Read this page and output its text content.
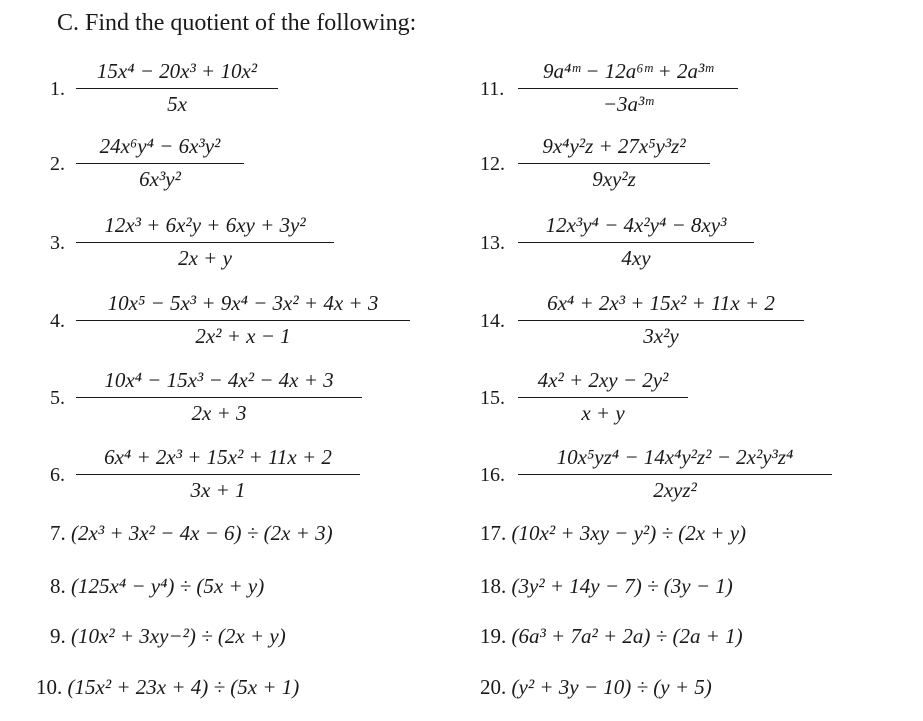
C. Find the quotient of the following:
1.
15x⁴ − 20x³ + 10x²
5x
2.
24x⁶y⁴ − 6x³y²
6x³y²
3.
12x³ + 6x²y + 6xy + 3y²
2x + y
4.
10x⁵ − 5x³ + 9x⁴ − 3x² + 4x + 3
2x² + x − 1
5.
10x⁴ − 15x³ − 4x² − 4x + 3
2x + 3
6.
6x⁴ + 2x³ + 15x² + 11x + 2
3x + 1
11.
9a⁴ᵐ − 12a⁶ᵐ + 2a³ᵐ
−3a³ᵐ
12.
9x⁴y²z + 27x⁵y³z²
9xy²z
13.
12x³y⁴ − 4x²y⁴ − 8xy³
4xy
14.
6x⁴ + 2x³ + 15x² + 11x + 2
3x²y
15.
4x² + 2xy − 2y²
x + y
16.
10x⁵yz⁴ − 14x⁴y²z² − 2x²y³z⁴
2xyz²
7. (2x³ + 3x² − 4x − 6) ÷ (2x + 3)
8. (125x⁴ − y⁴) ÷ (5x + y)
9. (10x² + 3xy−²) ÷ (2x + y)
10. (15x² + 23x + 4) ÷ (5x + 1)
17. (10x² + 3xy − y²) ÷ (2x + y)
18. (3y² + 14y − 7) ÷ (3y − 1)
19. (6a³ + 7a² + 2a) ÷ (2a + 1)
20. (y² + 3y − 10) ÷ (y + 5)
